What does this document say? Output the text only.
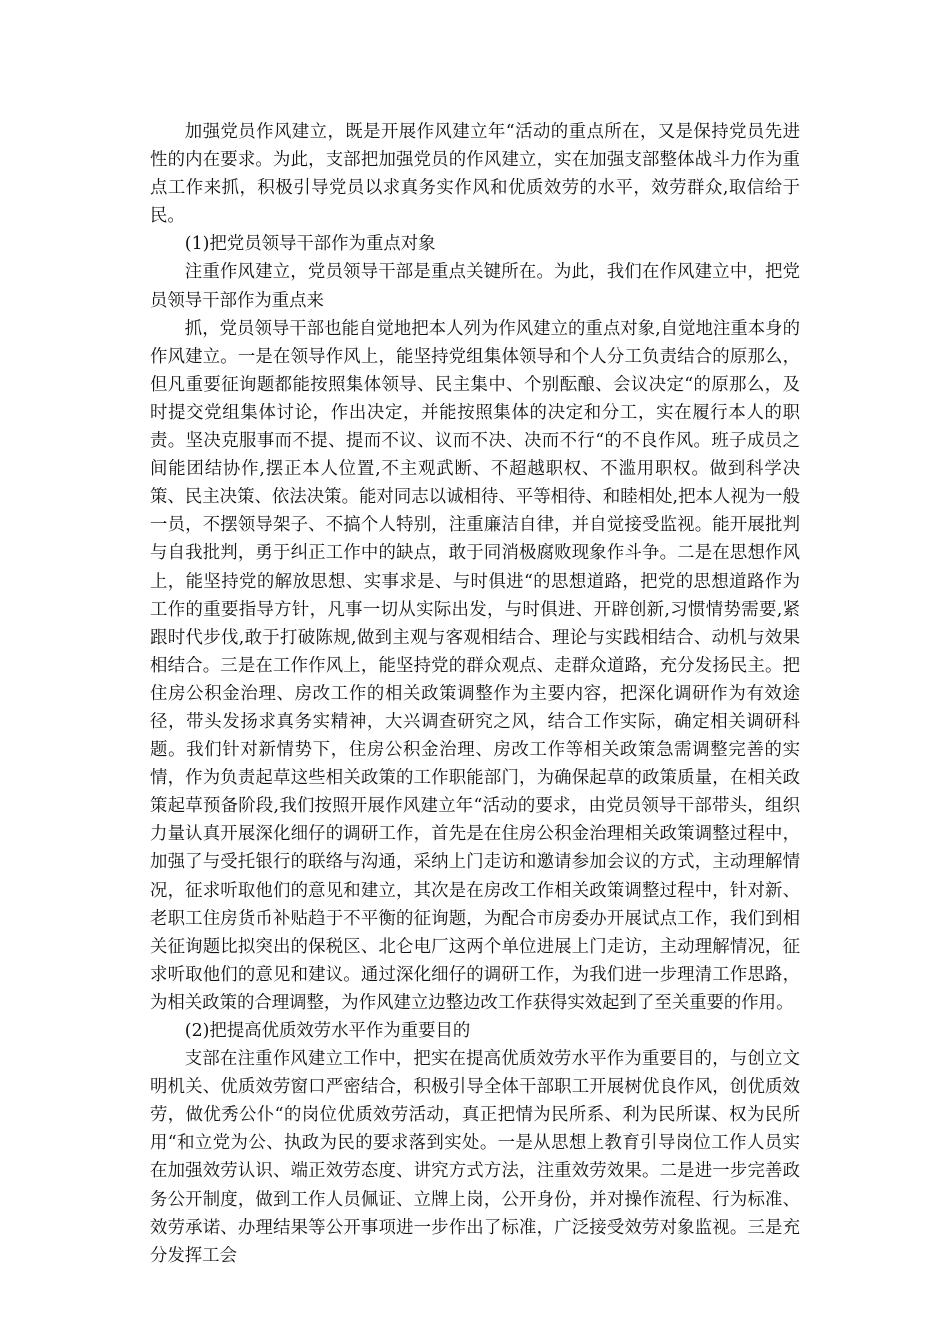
加强党员作风建立，既是开展作风建立年“活动的重点所在，又是保持党员先进性的内在要求。为此，支部把加强党员的作风建立，实在加强支部整体战斗力作为重点工作来抓，积极引导党员以求真务实作风和优质效劳的水平，效劳群众,取信给于民。

(1)把党员领导干部作为重点对象

注重作风建立，党员领导干部是重点关键所在。为此，我们在作风建立中，把党员领导干部作为重点来

抓，党员领导干部也能自觉地把本人列为作风建立的重点对象,自觉地注重本身的作风建立。一是在领导作风上，能坚持党组集体领导和个人分工负责结合的原那么，但凡重要征询题都能按照集体领导、民主集中、个别酝酿、会议决定“的原那么，及时提交党组集体讨论，作出决定，并能按照集体的决定和分工，实在履行本人的职责。坚决克服事而不提、提而不议、议而不决、决而不行“的不良作风。班子成员之间能团结协作,摆正本人位置,不主观武断、不超越职权、不滥用职权。做到科学决策、民主决策、依法决策。能对同志以诚相待、平等相待、和睦相处,把本人视为一般一员，不摆领导架子、不搞个人特别，注重廉洁自律，并自觉接受监视。能开展批判与自我批判，勇于纠正工作中的缺点，敢于同消极腐败现象作斗争。二是在思想作风上，能坚持党的解放思想、实事求是、与时俱进“的思想道路，把党的思想道路作为工作的重要指导方针，凡事一切从实际出发，与时俱进、开辟创新,习惯情势需要,紧跟时代步伐,敢于打破陈规,做到主观与客观相结合、理论与实践相结合、动机与效果相结合。三是在工作作风上，能坚持党的群众观点、走群众道路，充分发扬民主。把住房公积金治理、房改工作的相关政策调整作为主要内容，把深化调研作为有效途径，带头发扬求真务实精神，大兴调查研究之风，结合工作实际，确定相关调研科题。我们针对新情势下，住房公积金治理、房改工作等相关政策急需调整完善的实情，作为负责起草这些相关政策的工作职能部门，为确保起草的政策质量，在相关政策起草预备阶段,我们按照开展作风建立年“活动的要求，由党员领导干部带头，组织力量认真开展深化细仔的调研工作，首先是在住房公积金治理相关政策调整过程中，加强了与受托银行的联络与沟通，采纳上门走访和邀请参加会议的方式，主动理解情况，征求听取他们的意见和建立，其次是在房改工作相关政策调整过程中，针对新、老职工住房货币补贴趋于不平衡的征询题，为配合市房委办开展试点工作，我们到相关征询题比拟突出的保税区、北仑电厂这两个单位进展上门走访，主动理解情况，征求听取他们的意见和建议。通过深化细仔的调研工作，为我们进一步理清工作思路，为相关政策的合理调整，为作风建立边整边改工作获得实效起到了至关重要的作用。

(2)把提高优质效劳水平作为重要目的

支部在注重作风建立工作中，把实在提高优质效劳水平作为重要目的，与创立文明机关、优质效劳窗口严密结合，积极引导全体干部职工开展树优良作风，创优质效劳，做优秀公仆“的岗位优质效劳活动，真正把情为民所系、利为民所谋、权为民所用“和立党为公、执政为民的要求落到实处。一是从思想上教育引导岗位工作人员实在加强效劳认识、端正效劳态度、讲究方式方法，注重效劳效果。二是进一步完善政务公开制度，做到工作人员佩证、立牌上岗，公开身份，并对操作流程、行为标准、效劳承诺、办理结果等公开事项进一步作出了标准，广泛接受效劳对象监视。三是充分发挥工会
